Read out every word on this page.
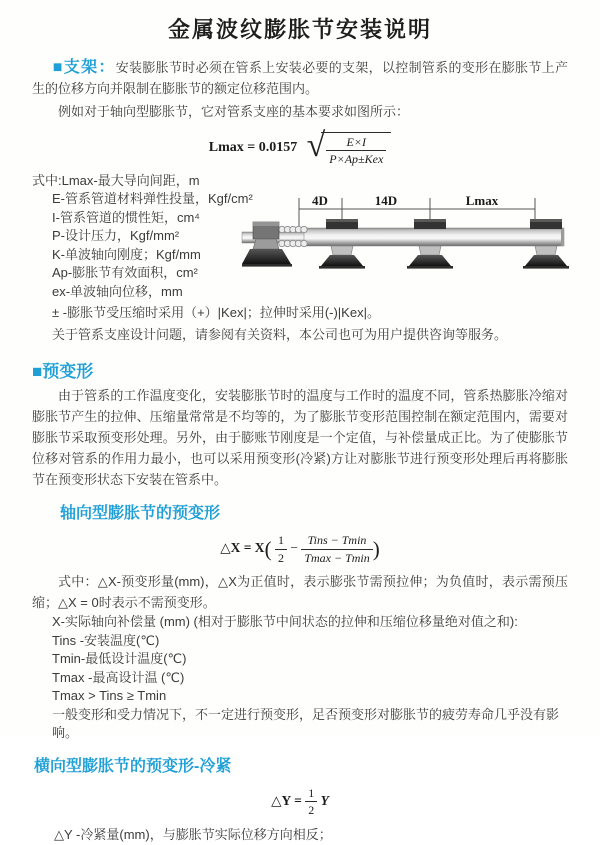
金属波纹膨胀节安装说明

■支架：安装膨胀节时必须在管系上安装必要的支架，以控制管系的变形在膨胀节上产生的位移方向并限制在膨胀节的额定位移范围内。

例如对于轴向型膨胀节，它对管系支座的基本要求如图所示：

Lmax = 0.0157 √ $\frac{E\times I}{\text{P×Ap±Kex}}$
式中:Lmax-最大导向间距，m
E-管系管道材料弹性投量，Kgf/cm²
I-管系管道的惯性矩，cm⁴
P-设计压力，Kgf/mm²
K-单波轴向刚度；Kgf/mm
Ap-膨胀节有效面积，cm²
ex-单波轴向位移，mm
± -膨胀节受压缩时采用（+）|Kex|；拉伸时采用(-)|Kex|。
关于管系支座设计问题，请参阅有关资料，本公司也可为用户提供咨询等服务。
■预变形

由于管系的工作温度变化，安装膨胀节时的温度与工作时的温度不同，管系热膨胀冷缩对膨胀节产生的拉伸、压缩量常常是不均等的，为了膨胀节变形范围控制在额定范围内，需要对膨胀节采取预变形处理。另外，由于膨账节刚度是一个定值，与补偿量成正比。为了使膨胀节位移对管系的作用力最小，也可以采用预变形(冷紧)方让对膨胀节进行预变形处理后再将膨胀节在预变形状态下安装在管系中。

轴向型膨胀节的预变形
△X = $X( \frac{1}{2} - \frac{\text{Tins − Tmin}}{Tmax - Tmin}$ )

式中：△X-预变形量(mm)，△X为正值时，表示膨张节需预拉伸；为负值时，表示需预压缩；△X = 0时表示不需预变形。

X-实际轴向补偿量 (mm) (相对于膨胀节中间状态的拉伸和压缩位移量绝对值之和):
Tins -安装温度(℃)
Tmin-最低设计温度(℃)
Tmax -最高设计温 (℃)
Tmax > Tins ≥ Tmin
一般变形和受力情况下，不一定进行预变形，足否预变形对膨胀节的疲劳寿命几乎没有影响。
横向型膨胀节的预变形-冷紧
△Y = $\frac{1}{2}$ Y
△Y -冷紧量(mm)，与膨胀节实际位移方向相反；
4D	14D	Lmax
